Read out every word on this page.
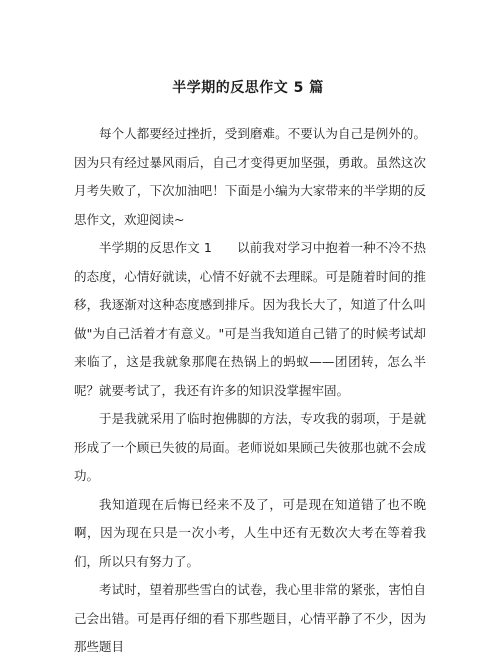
半学期的反思作文 5 篇

每个人都要经过挫折，受到磨难。不要认为自己是例外的。因为只有经过暴风雨后，自己才变得更加坚强，勇敢。虽然这次月考失败了，下次加油吧！下面是小编为大家带来的半学期的反思作文，欢迎阅读~

半学期的反思作文 1　　以前我对学习中抱着一种不冷不热的态度，心情好就读，心情不好就不去理睬。可是随着时间的推移，我逐渐对这种态度感到排斥。因为我长大了，知道了什么叫做"为自己活着才有意义。"可是当我知道自己错了的时候考试却来临了，这是我就象那爬在热锅上的蚂蚁——团团转，怎么半呢？就要考试了，我还有许多的知识没掌握牢固。

于是我就采用了临时抱佛脚的方法，专攻我的弱项，于是就形成了一个顾已失彼的局面。老师说如果顾己失彼那也就不会成功。

我知道现在后悔已经来不及了，可是现在知道错了也不晚啊，因为现在只是一次小考，人生中还有无数次大考在等着我们，所以只有努力了。

考试时，望着那些雪白的试卷，我心里非常的紧张，害怕自己会出错。可是再仔细的看下那些题目，心情平静了不少，因为那些题目
